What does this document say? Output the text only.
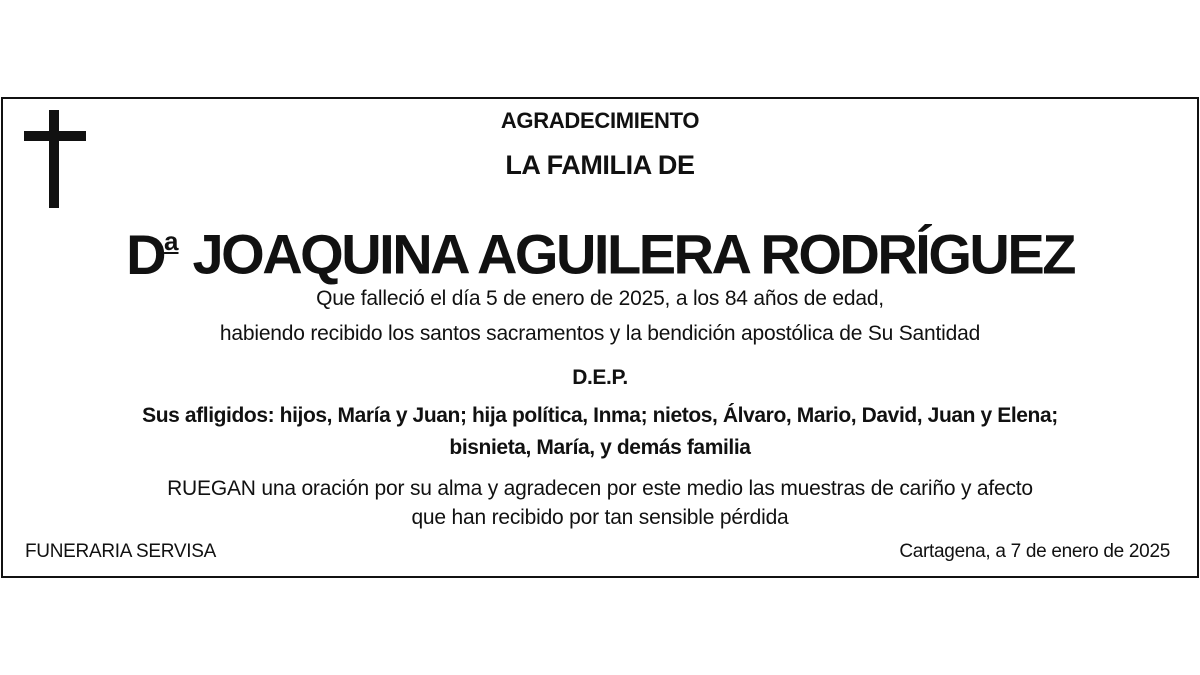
AGRADECIMIENTO
LA FAMILIA DE
$D^a$ JOAQUINA AGUILERA RODRÍGUEZ
Que falleció el día 5 de enero de 2025, a los 84 años de edad,
habiendo recibido los santos sacramentos y la bendición apostólica de Su Santidad
D.E.P.
Sus afligidos: hijos, María y Juan; hija política, Inma; nietos, Álvaro, Mario, David, Juan y Elena;
bisnieta, María, y demás familia
RUEGAN una oración por su alma y agradecen por este medio las muestras de cariño y afecto
que han recibido por tan sensible pérdida
FUNERARIA SERVISA	Cartagena, a 7 de enero de 2025
